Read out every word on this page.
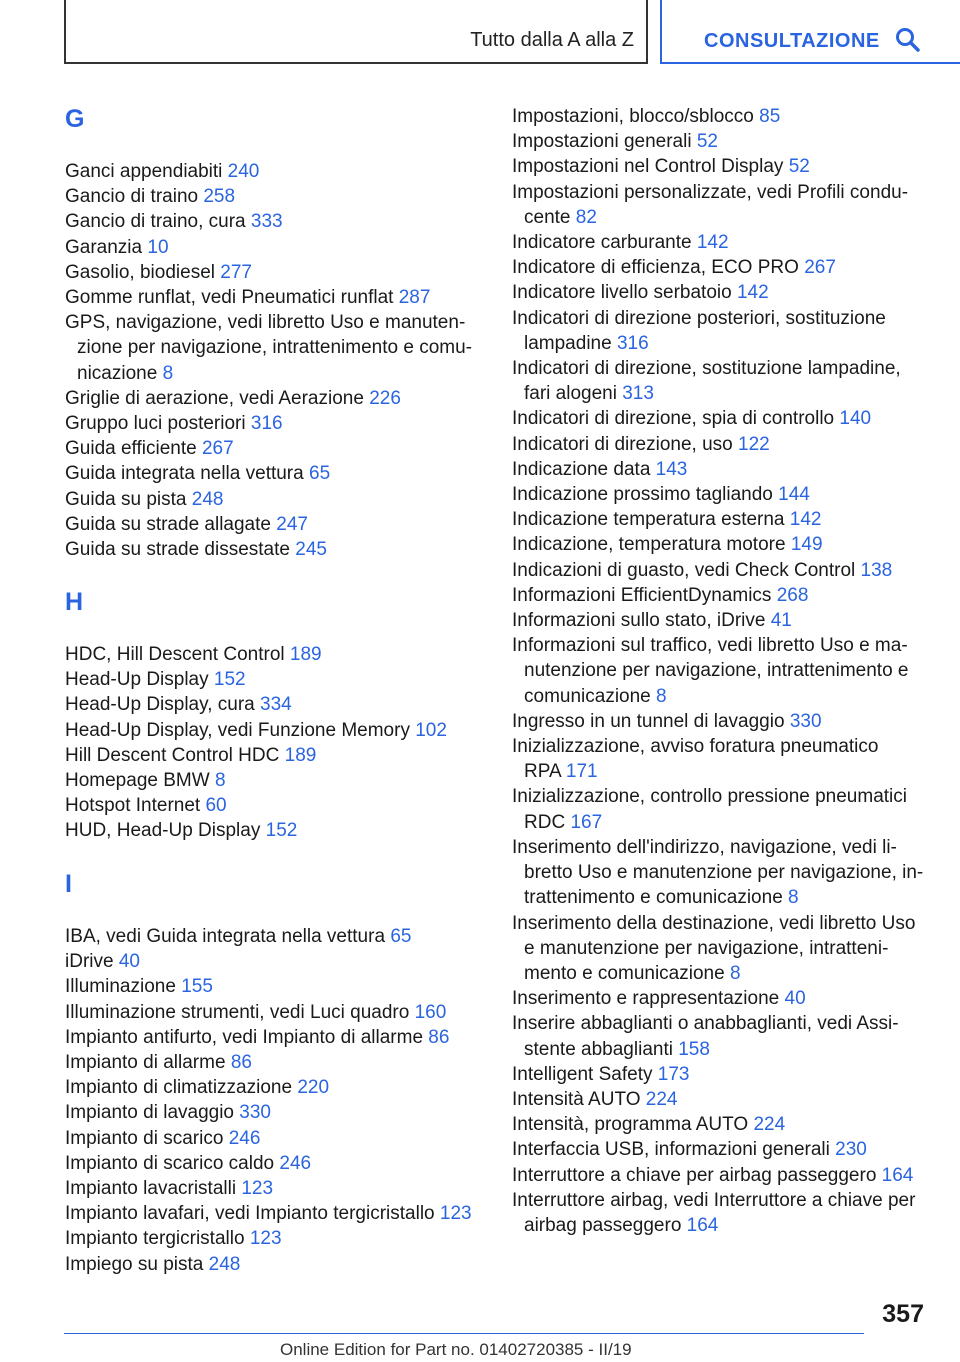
Tutto dalla A alla Z	CONSULTAZIONE
G
Ganci appendiabiti 240
Gancio di traino 258
Gancio di traino, cura 333
Garanzia 10
Gasolio, biodiesel 277
Gomme runflat, vedi Pneumatici runflat 287
GPS, navigazione, vedi libretto Uso e manuten-
zione per navigazione, intrattenimento e comu-
nicazione 8
Griglie di aerazione, vedi Aerazione 226
Gruppo luci posteriori 316
Guida efficiente 267
Guida integrata nella vettura 65
Guida su pista 248
Guida su strade allagate 247
Guida su strade dissestate 245
H
HDC, Hill Descent Control 189
Head-Up Display 152
Head-Up Display, cura 334
Head-Up Display, vedi Funzione Memory 102
Hill Descent Control HDC 189
Homepage BMW 8
Hotspot Internet 60
HUD, Head-Up Display 152
I
IBA, vedi Guida integrata nella vettura 65
iDrive 40
Illuminazione 155
Illuminazione strumenti, vedi Luci quadro 160
Impianto antifurto, vedi Impianto di allarme 86
Impianto di allarme 86
Impianto di climatizzazione 220
Impianto di lavaggio 330
Impianto di scarico 246
Impianto di scarico caldo 246
Impianto lavacristalli 123
Impianto lavafari, vedi Impianto tergicristallo 123
Impianto tergicristallo 123
Impiego su pista 248
Impostazioni, blocco/sblocco 85
Impostazioni generali 52
Impostazioni nel Control Display 52
Impostazioni personalizzate, vedi Profili condu-
cente 82
Indicatore carburante 142
Indicatore di efficienza, ECO PRO 267
Indicatore livello serbatoio 142
Indicatori di direzione posteriori, sostituzione
lampadine 316
Indicatori di direzione, sostituzione lampadine,
fari alogeni 313
Indicatori di direzione, spia di controllo 140
Indicatori di direzione, uso 122
Indicazione data 143
Indicazione prossimo tagliando 144
Indicazione temperatura esterna 142
Indicazione, temperatura motore 149
Indicazioni di guasto, vedi Check Control 138
Informazioni EfficientDynamics 268
Informazioni sullo stato, iDrive 41
Informazioni sul traffico, vedi libretto Uso e ma-
nutenzione per navigazione, intrattenimento e
comunicazione 8
Ingresso in un tunnel di lavaggio 330
Inizializzazione, avviso foratura pneumatico
RPA 171
Inizializzazione, controllo pressione pneumatici
RDC 167
Inserimento dell'indirizzo, navigazione, vedi li-
bretto Uso e manutenzione per navigazione, in-
trattenimento e comunicazione 8
Inserimento della destinazione, vedi libretto Uso
e manutenzione per navigazione, intratteni-
mento e comunicazione 8
Inserimento e rappresentazione 40
Inserire abbaglianti o anabbaglianti, vedi Assi-
stente abbaglianti 158
Intelligent Safety 173
Intensità AUTO 224
Intensità, programma AUTO 224
Interfaccia USB, informazioni generali 230
Interruttore a chiave per airbag passeggero 164
Interruttore airbag, vedi Interruttore a chiave per
airbag passeggero 164
357
Online Edition for Part no. 01402720385 - II/19
